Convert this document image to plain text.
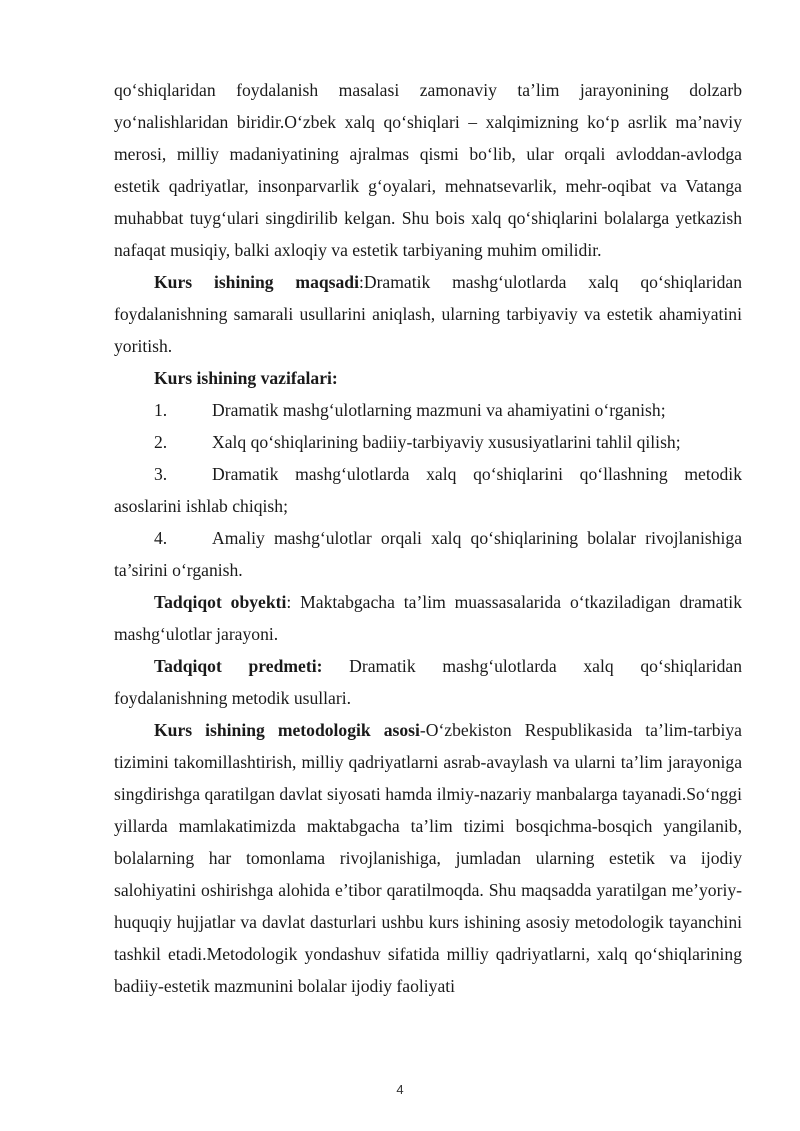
qo‘shiqlaridan foydalanish masalasi zamonaviy ta’lim jarayonining dolzarb yo‘nalishlaridan biridir.O‘zbek xalq qo‘shiqlari – xalqimizning ko‘p asrlik ma’naviy merosi, milliy madaniyatining ajralmas qismi bo‘lib, ular orqali avloddan-avlodga estetik qadriyatlar, insonparvarlik g‘oyalari, mehnatsevarlik, mehr-oqibat va Vatanga muhabbat tuyg‘ulari singdirilib kelgan. Shu bois xalq qo‘shiqlarini bolalarga yetkazish nafaqat musiqiy, balki axloqiy va estetik tarbiyaning muhim omilidir.

Kurs ishining maqsadi:Dramatik mashg‘ulotlarda xalq qo‘shiqlaridan foydalanishning samarali usullarini aniqlash, ularning tarbiyaviy va estetik ahamiyatini yoritish.

Kurs ishining vazifalari:

1.	Dramatik mashg‘ulotlarning mazmuni va ahamiyatini o‘rganish;
2.	Xalq qo‘shiqlarining badiiy-tarbiyaviy xususiyatlarini tahlil qilish;
3.	Dramatik mashg‘ulotlarda xalq qo‘shiqlarini qo‘llashning metodik asoslarini ishlab chiqish;
4.	Amaliy mashg‘ulotlar orqali xalq qo‘shiqlarining bolalar rivojlanishiga ta’sirini o‘rganish.

Tadqiqot obyekti: Maktabgacha ta’lim muassasalarida o‘tkaziladigan dramatik mashg‘ulotlar jarayoni.

Tadqiqot predmeti: Dramatik mashg‘ulotlarda xalq qo‘shiqlaridan foydalanishning metodik usullari.

Kurs ishining metodologik asosi-O‘zbekiston Respublikasida ta’lim-tarbiya tizimini takomillashtirish, milliy qadriyatlarni asrab-avaylash va ularni ta’lim jarayoniga singdirishga qaratilgan davlat siyosati hamda ilmiy-nazariy manbalarga tayanadi.So‘nggi yillarda mamlakatimizda maktabgacha ta’lim tizimi bosqichma-bosqich yangilanib, bolalarning har tomonlama rivojlanishiga, jumladan ularning estetik va ijodiy salohiyatini oshirishga alohida e’tibor qaratilmoqda. Shu maqsadda yaratilgan me’yoriy-huquqiy hujjatlar va davlat dasturlari ushbu kurs ishining asosiy metodologik tayanchini tashkil etadi.Metodologik yondashuv sifatida milliy qadriyatlarni, xalq qo‘shiqlarining badiiy-estetik mazmunini bolalar ijodiy faoliyati

4
